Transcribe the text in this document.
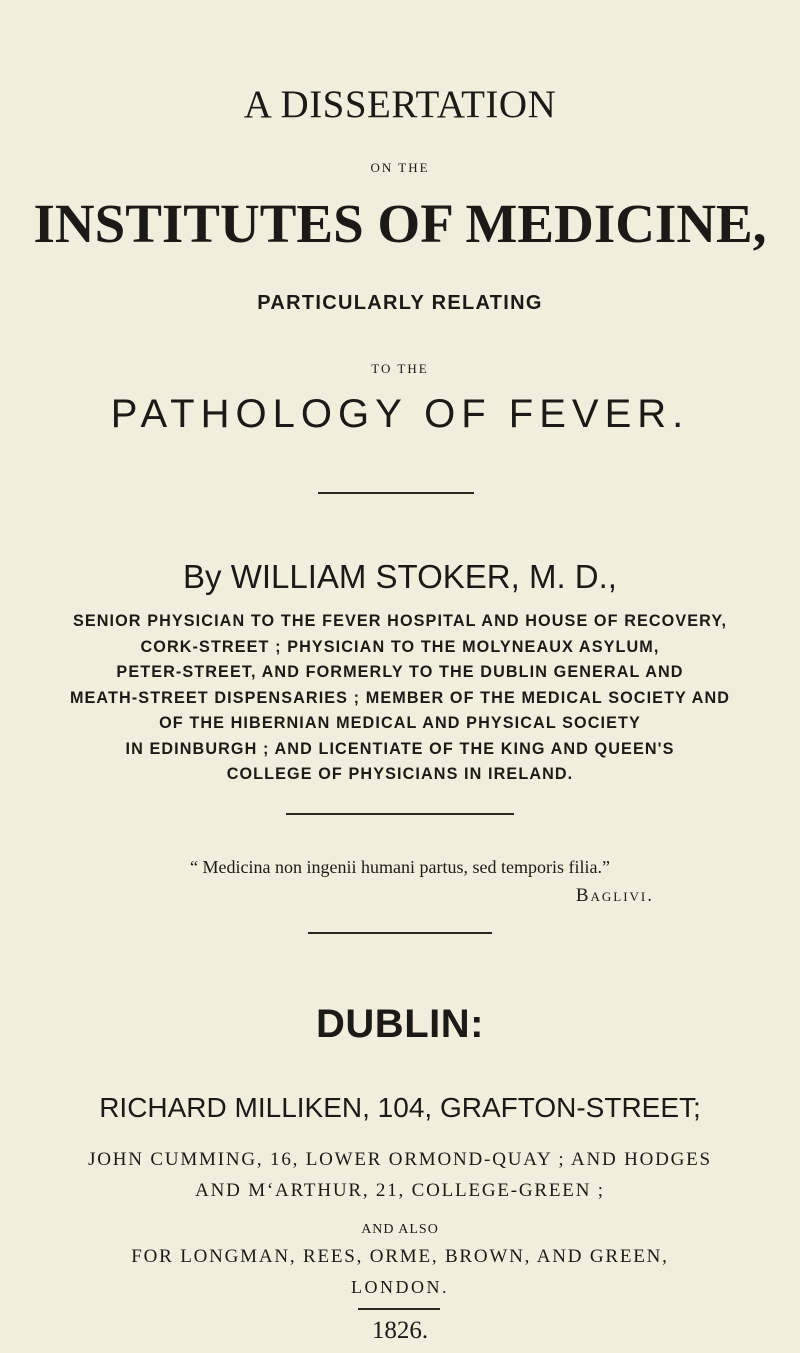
A DISSERTATION
ON THE
INSTITUTES OF MEDICINE,
PARTICULARLY RELATING
TO THE
PATHOLOGY OF FEVER.
By WILLIAM STOKER, M. D.,
SENIOR PHYSICIAN TO THE FEVER HOSPITAL AND HOUSE OF RECOVERY,
CORK-STREET ; PHYSICIAN TO THE MOLYNEAUX ASYLUM,
PETER-STREET, AND FORMERLY TO THE DUBLIN GENERAL AND
MEATH-STREET DISPENSARIES ; MEMBER OF THE MEDICAL SOCIETY AND
OF THE HIBERNIAN MEDICAL AND PHYSICAL SOCIETY
IN EDINBURGH ; AND LICENTIATE OF THE KING AND QUEEN'S
COLLEGE OF PHYSICIANS IN IRELAND.
“ Medicina non ingenii humani partus, sed temporis filia.”
Baglivi.
DUBLIN:
RICHARD MILLIKEN, 104, GRAFTON-STREET;
JOHN CUMMING, 16, LOWER ORMOND-QUAY ; AND HODGES
AND M‘ARTHUR, 21, COLLEGE-GREEN ;
AND ALSO
FOR LONGMAN, REES, ORME, BROWN, AND GREEN,
LONDON.
1826.
